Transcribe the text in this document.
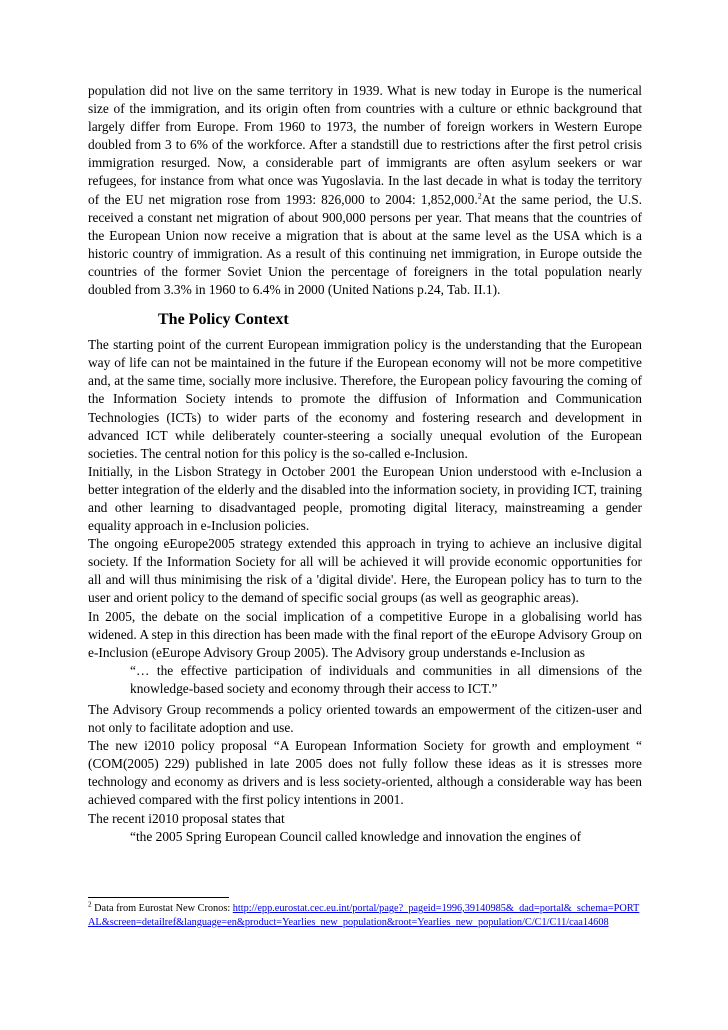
population did not live on the same territory in 1939. What is new today in Europe is the numerical size of the immigration, and its origin often from countries with a culture or ethnic background that largely differ from Europe. From 1960 to 1973, the number of foreign workers in Western Europe doubled from 3 to 6% of the workforce. After a standstill due to restrictions after the first petrol crisis immigration resurged. Now, a considerable part of immigrants are often asylum seekers or war refugees, for instance from what once was Yugoslavia. In the last decade in what is today the territory of the EU net migration rose from 1993: 826,000 to 2004: 1,852,000.$^2$At the same period, the U.S. received a constant net migration of about 900,000 persons per year. That means that the countries of the European Union now receive a migration that is about at the same level as the USA which is a historic country of immigration. As a result of this continuing net immigration, in Europe outside the countries of the former Soviet Union the percentage of foreigners in the total population nearly doubled from 3.3% in 1960 to 6.4% in 2000 (United Nations p.24, Tab. II.1).

The Policy Context

The starting point of the current European immigration policy is the understanding that the European way of life can not be maintained in the future if the European economy will not be more competitive and, at the same time, socially more inclusive. Therefore, the European policy favouring the coming of the Information Society intends to promote the diffusion of Information and Communication Technologies (ICTs) to wider parts of the economy and fostering research and development in advanced ICT while deliberately counter-steering a socially unequal evolution of the European societies. The central notion for this policy is the so-called e-Inclusion.

Initially, in the Lisbon Strategy in October 2001 the European Union understood with e-Inclusion a better integration of the elderly and the disabled into the information society, in providing ICT, training and other learning to disadvantaged people, promoting digital literacy, mainstreaming a gender equality approach in e-Inclusion policies.

The ongoing eEurope2005 strategy extended this approach in trying to achieve an inclusive digital society. If the Information Society for all will be achieved it will provide economic opportunities for all and will thus minimising the risk of a 'digital divide'. Here, the European policy has to turn to the user and orient policy to the demand of specific social groups (as well as geographic areas).

In 2005, the debate on the social implication of a competitive Europe in a globalising world has widened. A step in this direction has been made with the final report of the eEurope Advisory Group on e-Inclusion (eEurope Advisory Group 2005). The Advisory group understands e-Inclusion as

“… the effective participation of individuals and communities in all dimensions of the knowledge-based society and economy through their access to ICT.”

The Advisory Group recommends a policy oriented towards an empowerment of the citizen-user and not only to facilitate adoption and use.

The new i2010 policy proposal “A European Information Society for growth and employment “ (COM(2005) 229) published in late 2005 does not fully follow these ideas as it is stresses more technology and economy as drivers and is less society-oriented, although a considerable way has been achieved compared with the first policy intentions in 2001.

The recent i2010 proposal states that

“the 2005 Spring European Council called knowledge and innovation the engines of

$^2$ Data from Eurostat New Cronos: http://epp.eurostat.cec.eu.int/portal/page?_pageid=1996,39140985&_dad=portal&_schema=PORTAL&screen=detailref&language=en&product=Yearlies_new_population&root=Yearlies_new_population/C/C1/C11/caa14608
